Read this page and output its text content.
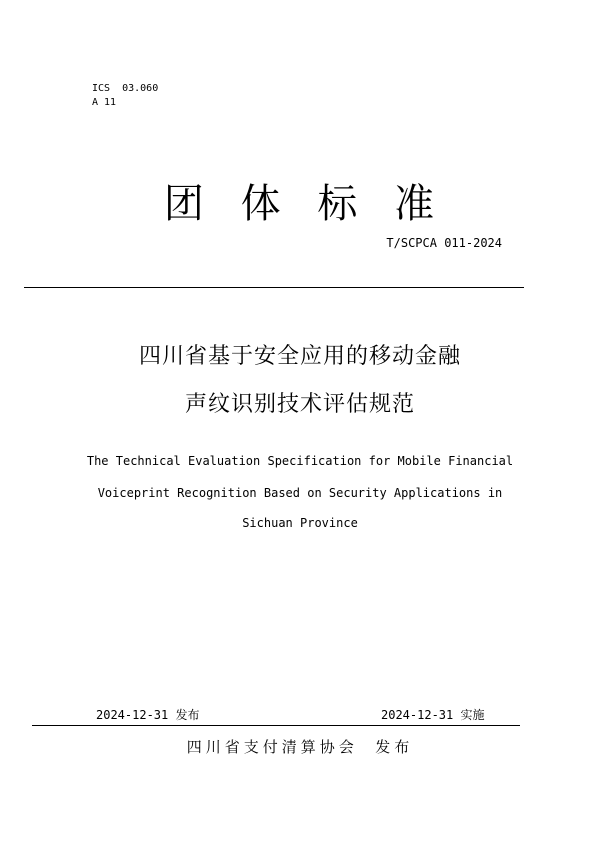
ICS  03.060
A 11
团 体 标 准
T/SCPCA 011-2024
四川省基于安全应用的移动金融
声纹识别技术评估规范
The Technical Evaluation Specification for Mobile Financial
Voiceprint Recognition Based on Security Applications in
Sichuan Province
2024-12-31 发布	2024-12-31 实施
四川省支付清算协会  发布
